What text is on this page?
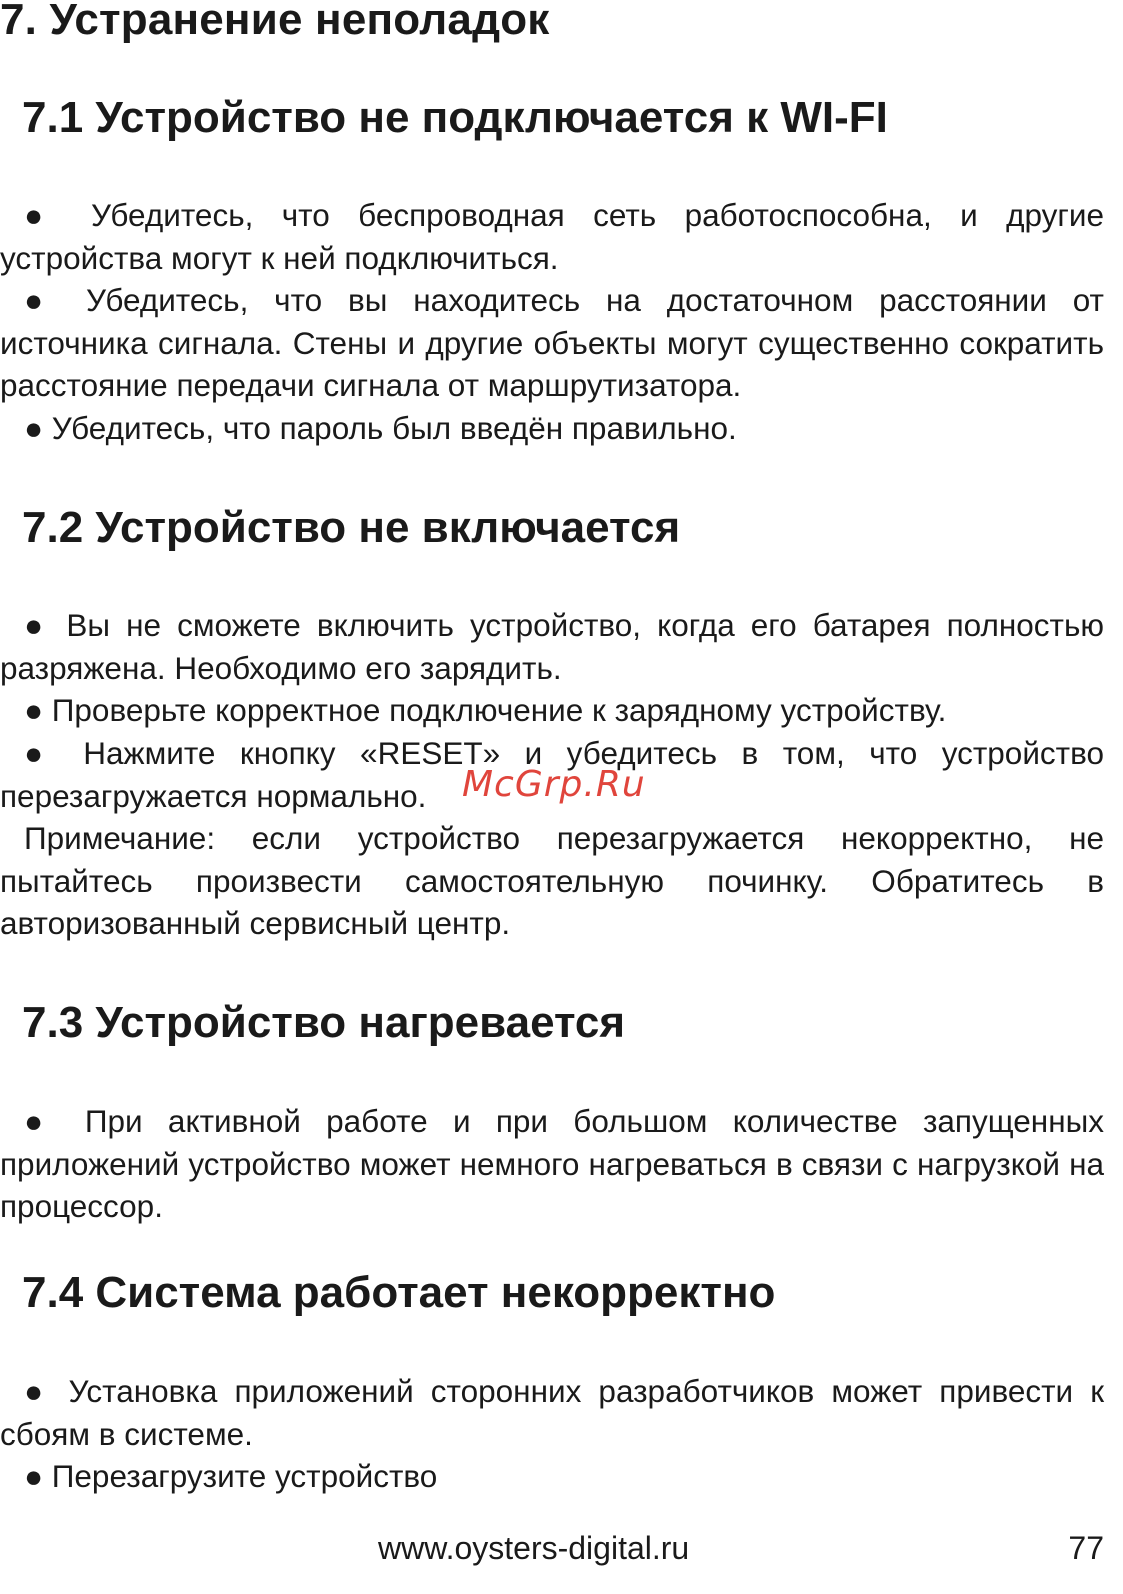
7. Устранение неполадок
7.1 Устройство не подключается к WI-FI

● Убедитесь, что беспроводная сеть работоспособна, и другие устройства могут к ней подключиться.

● Убедитесь, что вы находитесь на достаточном расстоянии от источника сигнала. Стены и другие объекты могут существенно сократить расстояние передачи сигнала от маршрутизатора.

● Убедитесь, что пароль был введён правильно.

7.2 Устройство не включается

● Вы не сможете включить устройство, когда его батарея полностью разряжена. Необходимо его зарядить.

● Проверьте корректное подключение к зарядному устройству.

● Нажмите кнопку «RESET» и убедитесь в том, что устройство перезагружается нормально.

Примечание: если устройство перезагружается некорректно, не пытайтесь произвести самостоятельную починку. Обратитесь в авторизованный сервисный центр.

7.3 Устройство нагревается

● При активной работе и при большом количестве запущенных приложений устройство может немного нагреваться в связи с нагрузкой на процессор.

7.4 Система работает некорректно

● Установка приложений сторонних разработчиков может привести к сбоям в системе.

● Перезагрузите устройство

McGrp.Ru
www.oysters-digital.ru	77
